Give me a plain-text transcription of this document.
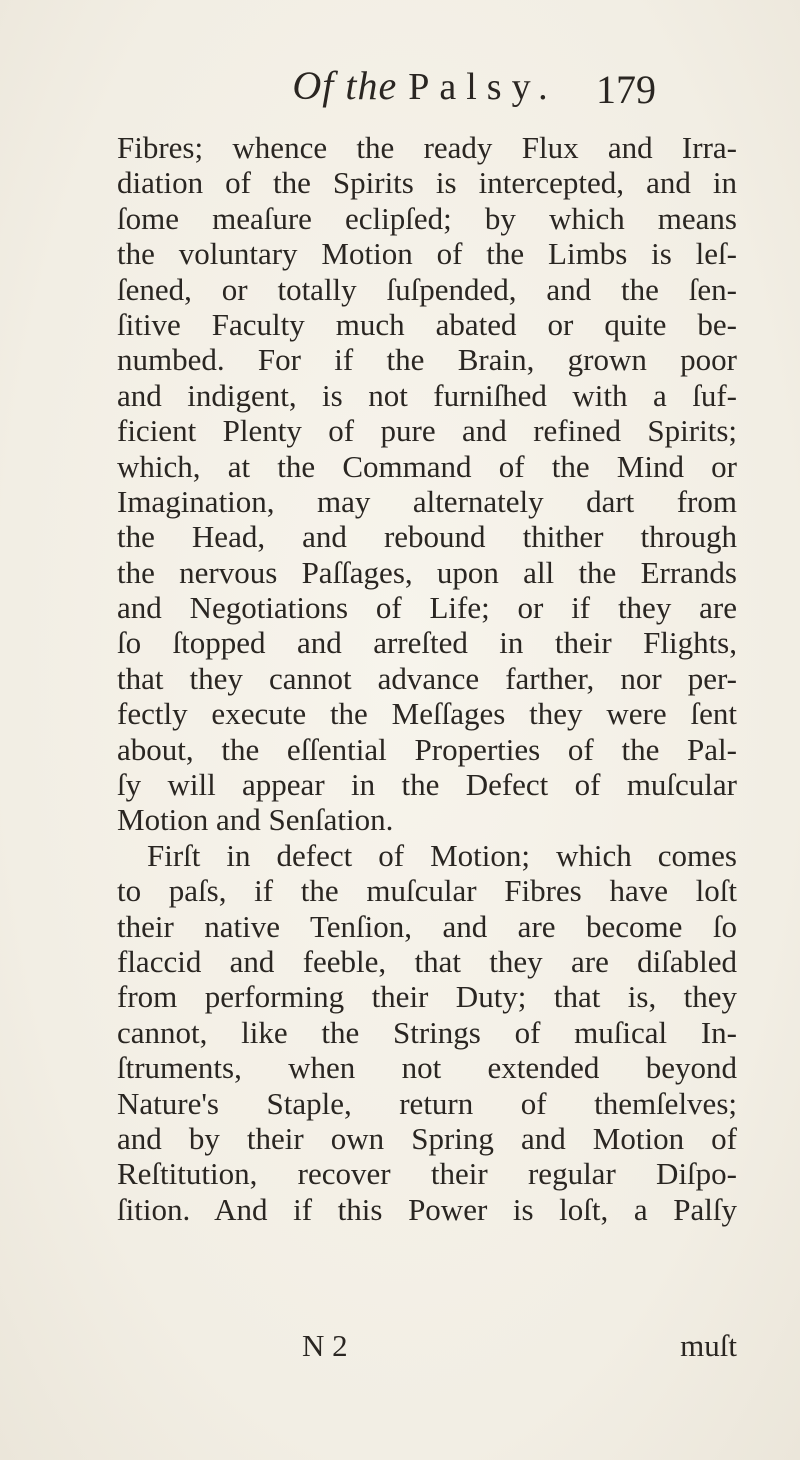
Of the Palsy. 179
Fibres; whence the ready Flux and Irra-
diation of the Spirits is intercepted, and in
ſome meaſure eclipſed; by which means
the voluntary Motion of the Limbs is leſ-
ſened, or totally ſuſpended, and the ſen-
ſitive Faculty much abated or quite be-
numbed. For if the Brain, grown poor
and indigent, is not furniſhed with a ſuf-
ficient Plenty of pure and refined Spirits;
which, at the Command of the Mind or
Imagination, may alternately dart from
the Head, and rebound thither through
the nervous Paſſages, upon all the Errands
and Negotiations of Life; or if they are
ſo ſtopped and arreſted in their Flights,
that they cannot advance farther, nor per-
fectly execute the Meſſages they were ſent
about, the eſſential Properties of the Pal-
ſy will appear in the Defect of muſcular
Motion and Senſation.
Firſt in defect of Motion; which comes
to paſs, if the muſcular Fibres have loſt
their native Tenſion, and are become ſo
flaccid and feeble, that they are diſabled
from performing their Duty; that is, they
cannot, like the Strings of muſical In-
ſtruments, when not extended beyond
Nature's Staple, return of themſelves;
and by their own Spring and Motion of
Reſtitution, recover their regular Diſpo-
ſition. And if this Power is loſt, a Palſy
N 2	muſt
